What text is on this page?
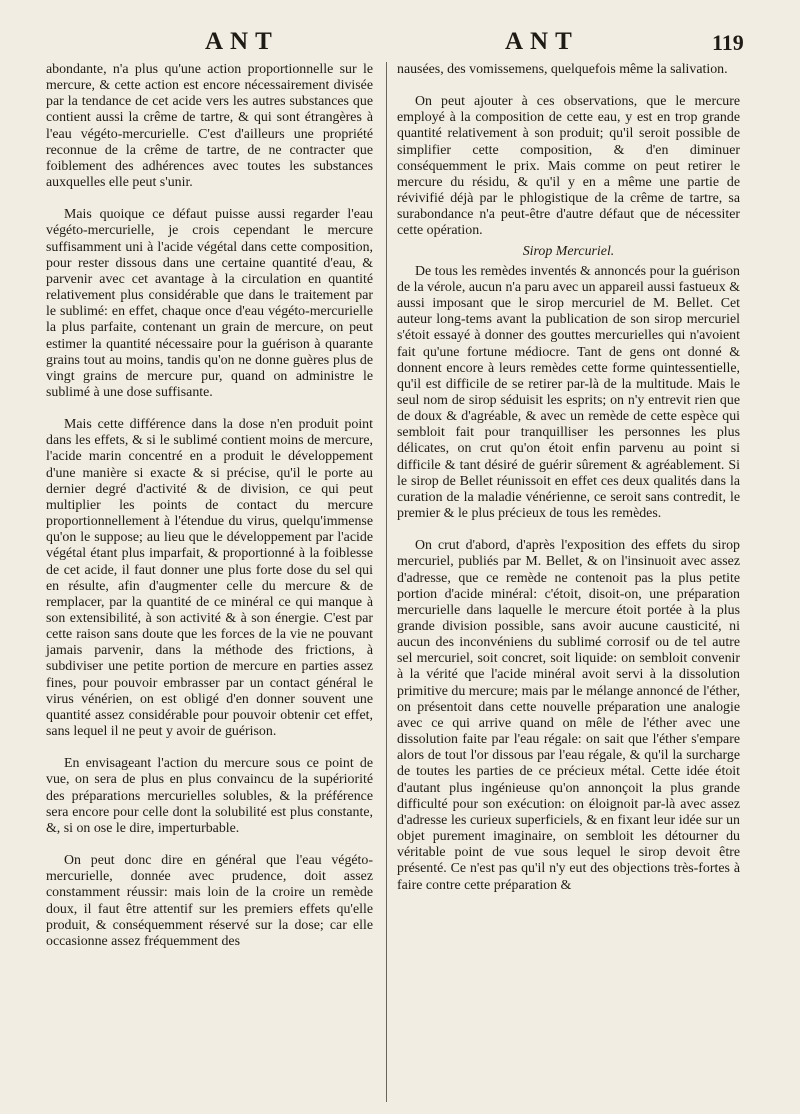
ANT	ANT	119

abondante, n'a plus qu'une action proportionnelle sur le mercure, & cette action est encore nécessairement divisée par la tendance de cet acide vers les autres substances que contient aussi la crême de tartre, & qui sont étrangères à l'eau végéto-mercurielle. C'est d'ailleurs une propriété reconnue de la crême de tartre, de ne contracter que foiblement des adhérences avec toutes les substances auxquelles elle peut s'unir.

Mais quoique ce défaut puisse aussi regarder l'eau végéto-mercurielle, je crois cependant le mercure suffisamment uni à l'acide végétal dans cette composition, pour rester dissous dans une certaine quantité d'eau, & parvenir avec cet avantage à la circulation en quantité relativement plus considérable que dans le traitement par le sublimé: en effet, chaque once d'eau végéto-mercurielle la plus parfaite, contenant un grain de mercure, on peut estimer la quantité nécessaire pour la guérison à quarante grains tout au moins, tandis qu'on ne donne guères plus de vingt grains de mercure pur, quand on administre le sublimé à une dose suffisante.

Mais cette différence dans la dose n'en produit point dans les effets, & si le sublimé contient moins de mercure, l'acide marin concentré en a produit le développement d'une manière si exacte & si précise, qu'il le porte au dernier degré d'activité & de division, ce qui peut multiplier les points de contact du mercure proportionnellement à l'étendue du virus, quelqu'immense qu'on le suppose; au lieu que le développement par l'acide végétal étant plus imparfait, & proportionné à la foiblesse de cet acide, il faut donner une plus forte dose du sel qui en résulte, afin d'augmenter celle du mercure & de remplacer, par la quantité de ce minéral ce qui manque à son extensibilité, à son activité & à son énergie. C'est par cette raison sans doute que les forces de la vie ne pouvant jamais parvenir, dans la méthode des frictions, à subdiviser une petite portion de mercure en parties assez fines, pour pouvoir embrasser par un contact général le virus vénérien, on est obligé d'en donner souvent une quantité assez considérable pour pouvoir obtenir cet effet, sans lequel il ne peut y avoir de guérison.

En envisageant l'action du mercure sous ce point de vue, on sera de plus en plus convaincu de la supériorité des préparations mercurielles solubles, & la préférence sera encore pour celle dont la solubilité est plus constante, &, si on ose le dire, imperturbable.

On peut donc dire en général que l'eau végéto-mercurielle, donnée avec prudence, doit assez constamment réussir: mais loin de la croire un remède doux, il faut être attentif sur les premiers effets qu'elle produit, & conséquemment réservé sur la dose; car elle occasionne assez fréquemment des

nausées, des vomissemens, quelquefois même la salivation.

On peut ajouter à ces observations, que le mercure employé à la composition de cette eau, y est en trop grande quantité relativement à son produit; qu'il seroit possible de simplifier cette composition, & d'en diminuer conséquemment le prix. Mais comme on peut retirer le mercure du résidu, & qu'il y en a même une partie de révivifié déjà par le phlogistique de la crême de tartre, sa surabondance n'a peut-être d'autre défaut que de nécessiter cette opération.

Sirop Mercuriel.

De tous les remèdes inventés & annoncés pour la guérison de la vérole, aucun n'a paru avec un appareil aussi fastueux & aussi imposant que le sirop mercuriel de M. Bellet. Cet auteur long-tems avant la publication de son sirop mercuriel s'étoit essayé à donner des gouttes mercurielles qui n'avoient fait qu'une fortune médiocre. Tant de gens ont donné & donnent encore à leurs remèdes cette forme quintessentielle, qu'il est difficile de se retirer par-là de la multitude. Mais le seul nom de sirop séduisit les esprits; on n'y entrevit rien que de doux & d'agréable, & avec un remède de cette espèce qui sembloit fait pour tranquilliser les personnes les plus délicates, on crut qu'on étoit enfin parvenu au point si difficile & tant désiré de guérir sûrement & agréablement. Si le sirop de Bellet réunissoit en effet ces deux qualités dans la curation de la maladie vénérienne, ce seroit sans contredit, le premier & le plus précieux de tous les remèdes.

On crut d'abord, d'après l'exposition des effets du sirop mercuriel, publiés par M. Bellet, & on l'insinuoit avec assez d'adresse, que ce remède ne contenoit pas la plus petite portion d'acide minéral: c'étoit, disoit-on, une préparation mercurielle dans laquelle le mercure étoit portée à la plus grande division possible, sans avoir aucune causticité, ni aucun des inconvéniens du sublimé corrosif ou de tel autre sel mercuriel, soit concret, soit liquide: on sembloit convenir à la vérité que l'acide minéral avoit servi à la dissolution primitive du mercure; mais par le mélange annoncé de l'éther, on présentoit dans cette nouvelle préparation une analogie avec ce qui arrive quand on mêle de l'éther avec une dissolution faite par l'eau régale: on sait que l'éther s'empare alors de tout l'or dissous par l'eau régale, & qu'il la surcharge de toutes les parties de ce précieux métal. Cette idée étoit d'autant plus ingénieuse qu'on annonçoit la plus grande difficulté pour son exécution: on éloignoit par-là avec assez d'adresse les curieux superficiels, & en fixant leur idée sur un objet purement imaginaire, on sembloit les détourner du véritable point de vue sous lequel le sirop devoit être présenté. Ce n'est pas qu'il n'y eut des objections très-fortes à faire contre cette préparation &
